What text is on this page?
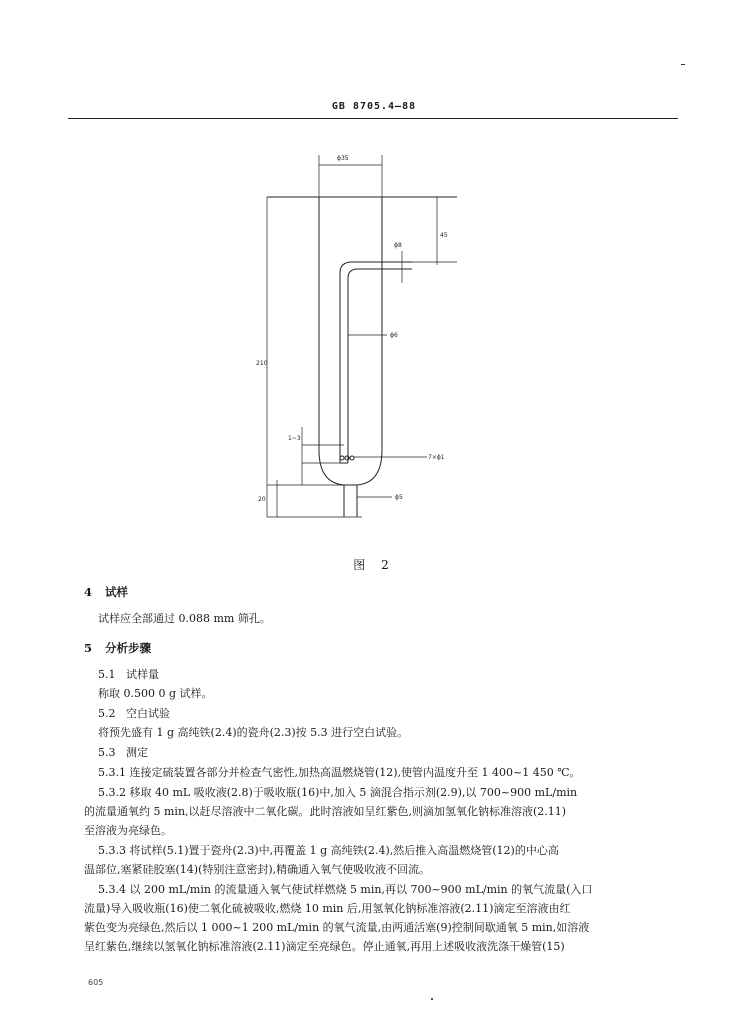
GB 8705.4—88
ϕ35
45
ϕ8
ϕ6
210
1~3
7×ϕ1
20	ϕ5
图 2
4 试样
试样应全部通过 0.088 mm 筛孔。
5 分析步骤
5.1 试样量
称取 0.500 0 g 试样。
5.2 空白试验
将预先盛有 1 g 高纯铁(2.4)的瓷舟(2.3)按 5.3 进行空白试验。
5.3 测定
5.3.1 连接定硫装置各部分并检查气密性,加热高温燃烧管(12),使管内温度升至 1 400~1 450 ℃。
5.3.2 移取 40 mL 吸收液(2.8)于吸收瓶(16)中,加入 5 滴混合指示剂(2.9),以 700~900 mL/min
的流量通氧约 5 min,以赶尽溶液中二氧化碳。此时溶液如呈红紫色,则滴加氢氧化钠标准溶液(2.11)
至溶液为亮绿色。
5.3.3 将试样(5.1)置于瓷舟(2.3)中,再覆盖 1 g 高纯铁(2.4),然后推入高温燃烧管(12)的中心高
温部位,塞紧硅胶塞(14)(特别注意密封),精确通入氧气使吸收液不回流。
5.3.4 以 200 mL/min 的流量通入氧气使试样燃烧 5 min,再以 700~900 mL/min 的氧气流量(入口
流量)导入吸收瓶(16)使二氧化硫被吸收,燃烧 10 min 后,用氢氧化钠标准溶液(2.11)滴定至溶液由红
紫色变为亮绿色,然后以 1 000~1 200 mL/min 的氧气流量,由两通活塞(9)控制间歇通氧 5 min,如溶液
呈红紫色,继续以氢氧化钠标准溶液(2.11)滴定至亮绿色。停止通氧,再用上述吸收液洗涤干燥管(15)
605
